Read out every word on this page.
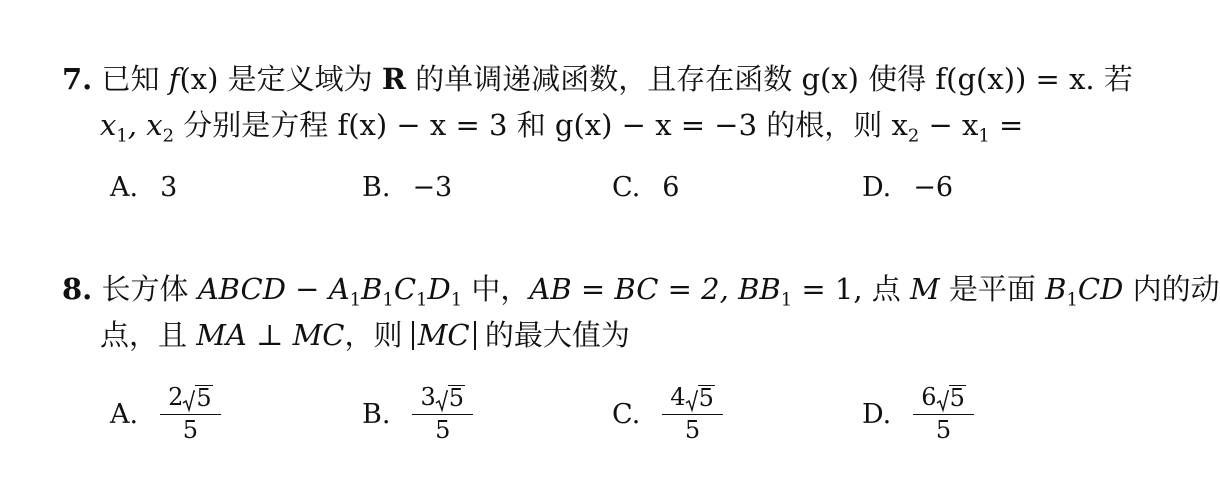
7. 已知 f(x) 是定义域为 R 的单调递减函数，且存在函数 g(x) 使得 f(g(x)) = x. 若
$x_1$, $x_2$ 分别是方程 f(x) − x = 3 和 g(x) − x = −3 的根，则 $x_2 - x_1$ =
A. 3	B. −3	C. 6	D. −6
8. 长方体 ABCD − $A_1B_1C_1D_1$ 中，AB = BC = 2, $BB_1 = 1$, 点 M 是平面 $B_1CD$ 内的动
点，且 MA ⊥ MC，则 MC 的最大值为
A. $\frac{2 5}{5}$	B. $\frac{3 5}{5}$	C. $\frac{4 5}{5}$	D. $\frac{6 5}{5}$
